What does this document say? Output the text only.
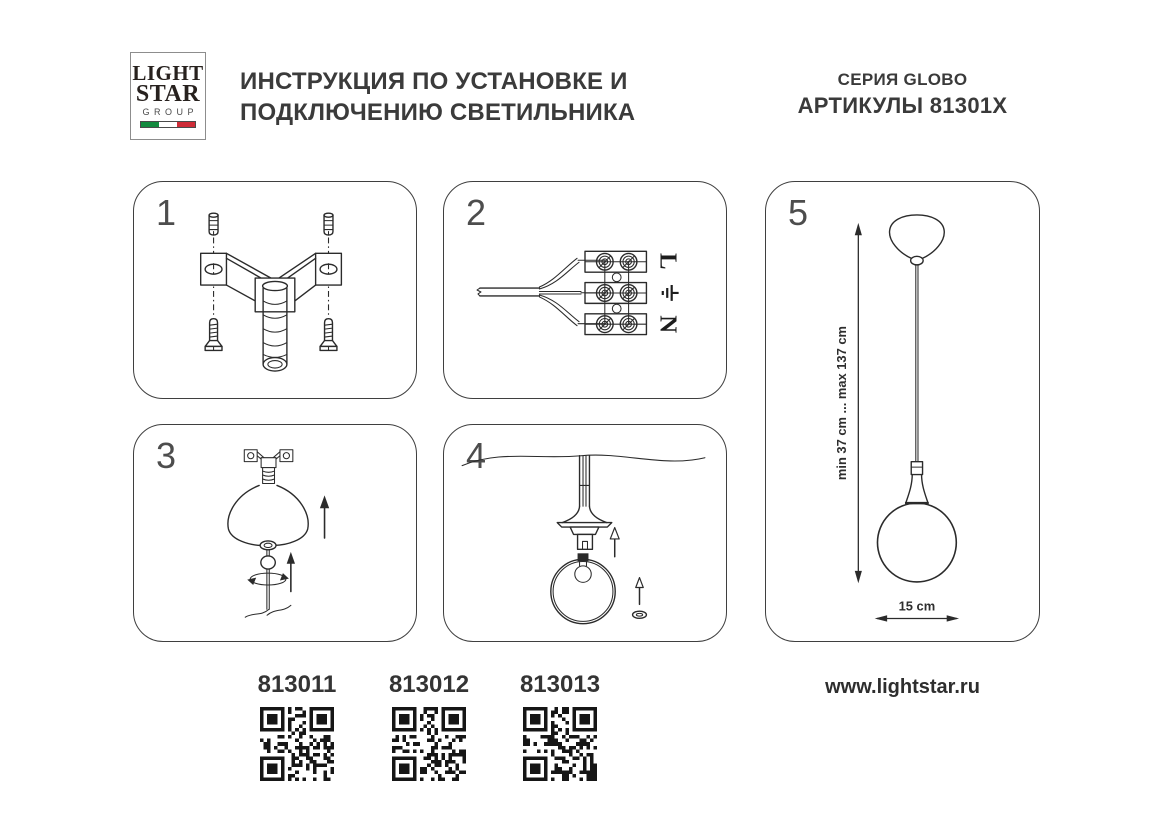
LIGHT
STAR
GROUP
ИНСТРУКЦИЯ ПО УСТАНОВКЕ И
ПОДКЛЮЧЕНИЮ СВЕТИЛЬНИКА
СЕРИЯ GLOBO
АРТИКУЛЫ 81301X
1	2
L
N
3	4
5
min 37 cm ... max 137 cm
15 cm
813011	813012	813013	www.lightstar.ru
